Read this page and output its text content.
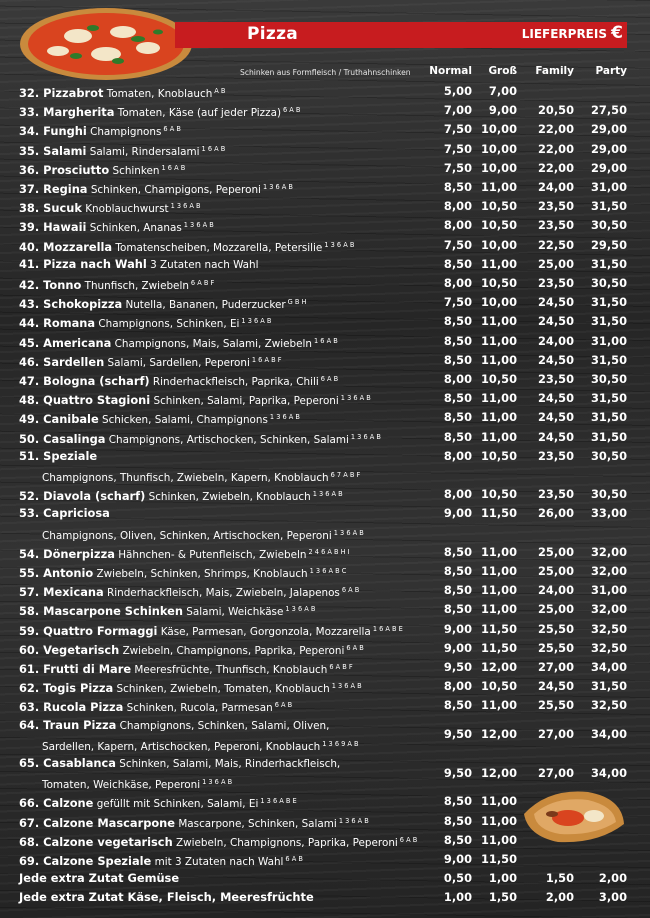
Pizza	LIEFERPREIS €
Schinken aus Formfleisch / Truthahnschinken	Normal	Groß	Family	Party
32. Pizzabrot Tomaten, Knoblauch $^{A B}$	5,00	7,00
33. Margherita Tomaten, Käse (auf jeder Pizza) $^{6 A B}$	7,00	9,00	20,50	27,50
34. Funghi Champignons $^{6 A B}$	7,50 10,00	22,00	29,00
35. Salami Salami, Rindersalami $^{1 6 A B}$	7,50 10,00	22,00	29,00
36. Prosciutto Schinken $^{1 6 A B}$	7,50 10,00	22,00	29,00
37. Regina Schinken, Champigons, Peperoni $^{1 3 6 A B}$	8,50 11,00	24,00	31,00
38. Sucuk Knoblauchwurst $^{1 3 6 A B}$	8,00 10,50	23,50	31,50
39. Hawaii Schinken, Ananas $^{1 3 6 A B}$	8,00 10,50	23,50	30,50
40. Mozzarella Tomatenscheiben, Mozzarella, Petersilie $^{1 3 6 A B}$	7,50 10,00	22,50	29,50
41. Pizza nach Wahl 3 Zutaten nach Wahl	8,50 11,00	25,00	31,50
42. Tonno Thunfisch, Zwiebeln $^{6 A B F}$	8,00 10,50	23,50	30,50
43. Schokopizza Nutella, Bananen, Puderzucker $^{G B H}$	7,50 10,00	24,50	31,50
44. Romana Champignons, Schinken, Ei $^{1 3 6 A B}$	8,50 11,00	24,50	31,50
45. Americana Champignons, Mais, Salami, Zwiebeln $^{1 6 A B}$	8,50 11,00	24,00	31,00
46. Sardellen Salami, Sardellen, Peperoni $^{1 6 A B F}$	8,50 11,00	24,50	31,50
47. Bologna (scharf) Rinderhackfleisch, Paprika, Chili $^{6 A B}$	8,00 10,50	23,50	30,50
48. Quattro Stagioni Schinken, Salami, Paprika, Peperoni $^{1 3 6 A B}$	8,50 11,00	24,50	31,50
49. Canibale Schicken, Salami, Champignons $^{1 3 6 A B}$	8,50 11,00	24,50	31,50
50. Casalinga Champignons, Artischocken, Schinken, Salami $^{1 3 6 A B}$	8,50 11,00	24,50	31,50
51. Speziale
Champignons, Thunfisch, Zwiebeln, Kapern, Knoblauch $^{6 7 A B F}$
8,00 10,50	23,50	30,50
52. Diavola (scharf) Schinken, Zwiebeln, Knoblauch $^{1 3 6 A B}$	8,00 10,50	23,50	30,50
53. Capriciosa
Champignons, Oliven, Schinken, Artischocken, Peperoni $^{1 3 6 A B}$
9,00 11,50	26,00	33,00
54. Dönerpizza Hähnchen- & Putenfleisch, Zwiebeln $^{2 4 6 A B H I}$	8,50 11,00	25,00	32,00
55. Antonio Zwiebeln, Schinken, Shrimps, Knoblauch $^{1 3 6 A B C}$	8,50 11,00	25,00	32,00
57. Mexicana Rinderhackfleisch, Mais, Zwiebeln, Jalapenos $^{6 A B}$	8,50 11,00	24,00	31,00
58. Mascarpone Schinken Salami, Weichkäse $^{1 3 6 A B}$	8,50 11,00	25,00	32,00
59. Quattro Formaggi Käse, Parmesan, Gorgonzola, Mozzarella $^{1 6 A B E}$	9,00 11,50	25,50	32,50
60. Vegetarisch Zwiebeln, Champignons, Paprika, Peperoni $^{6 A B}$	9,00 11,50	25,50	32,50
61. Frutti di Mare Meeresfrüchte, Thunfisch, Knoblauch $^{6 A B F}$	9,50 12,00	27,00	34,00
62. Togis Pizza Schinken, Zwiebeln, Tomaten, Knoblauch $^{1 3 6 A B}$	8,00 10,50	24,50	31,50
63. Rucola Pizza Schinken, Rucola, Parmesan $^{6 A B}$	8,50 11,00	25,50	32,50
64. Traun Pizza Champignons, Schinken, Salami, Oliven,
Sardellen, Kapern, Artischocken, Peperoni, Knoblauch $^{1 3 6 9 A B}$
9,50 12,00	27,00	34,00
65. Casablanca Schinken, Salami, Mais, Rinderhackfleisch,
Tomaten, Weichkäse, Peperoni $^{1 3 6 A B}$
9,50 12,00	27,00	34,00
66. Calzone gefüllt mit Schinken, Salami, Ei $^{1 3 6 A B E}$	8,50 11,00
67. Calzone Mascarpone Mascarpone, Schinken, Salami $^{1 3 6 A B}$	8,50 11,00
68. Calzone vegetarisch Zwiebeln, Champignons, Paprika, Peperoni $^{6 A B}$	8,50 11,00
69. Calzone Speziale mit 3 Zutaten nach Wahl $^{6 A B}$	9,00 11,50
Jede extra Zutat Gemüse	0,50	1,00	1,50	2,00
Jede extra Zutat Käse, Fleisch, Meeresfrüchte	1,00	1,50	2,00	3,00
